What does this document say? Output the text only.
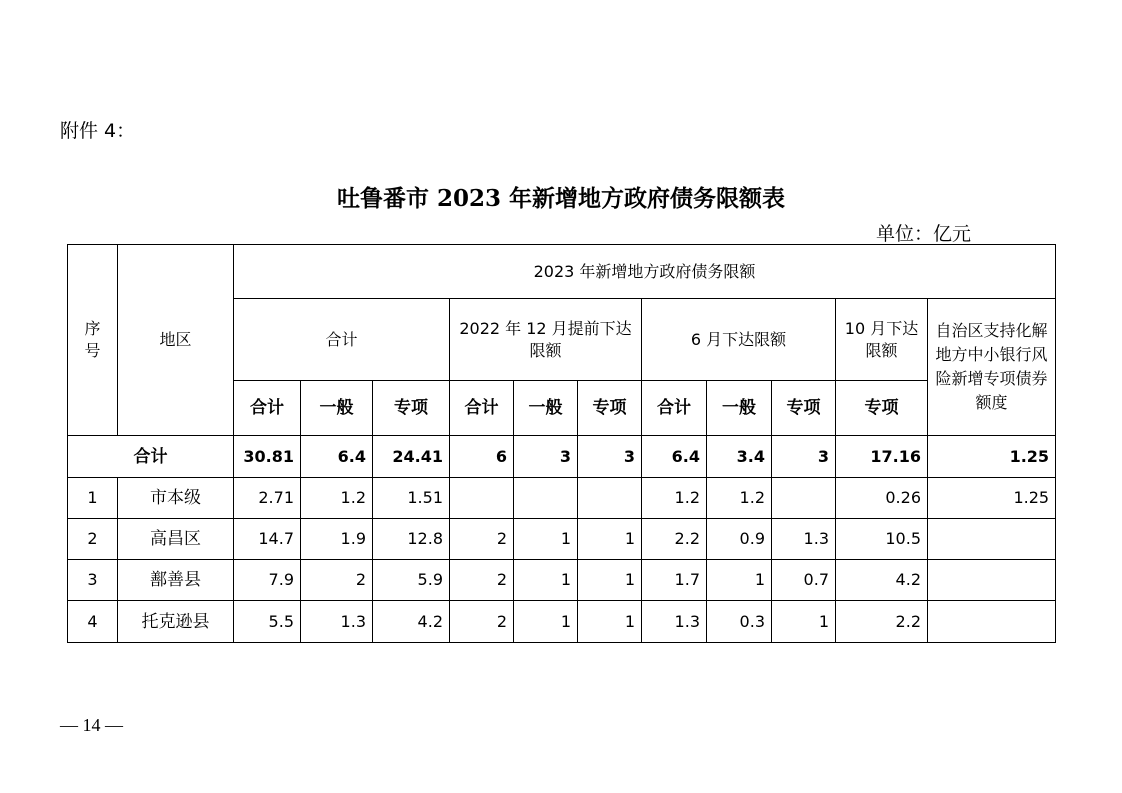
附件 4：
吐鲁番市 2023 年新增地方政府债务限额表
单位：亿元
序号	地区	2023 年新增地方政府债务限额										
		合计			2022 年 12 月提前下达限额			6 月下达限额			10 月下达限额	自治区支持化解地方中小银行风险新增专项债券额度
		合计	一般	专项	合计	一般	专项	合计	一般	专项	专项	
合计		30.81	6.4	24.41	6	3	3	6.4	3.4	3	17.16	1.25
1	市本级	2.71	1.2	1.51				1.2	1.2		0.26	1.25
2	高昌区	14.7	1.9	12.8	2	1	1	2.2	0.9	1.3	10.5	
3	鄯善县	7.9	2	5.9	2	1	1	1.7	1	0.7	4.2	
4	托克逊县	5.5	1.3	4.2	2	1	1	1.3	0.3	1	2.2	
— 14 —
